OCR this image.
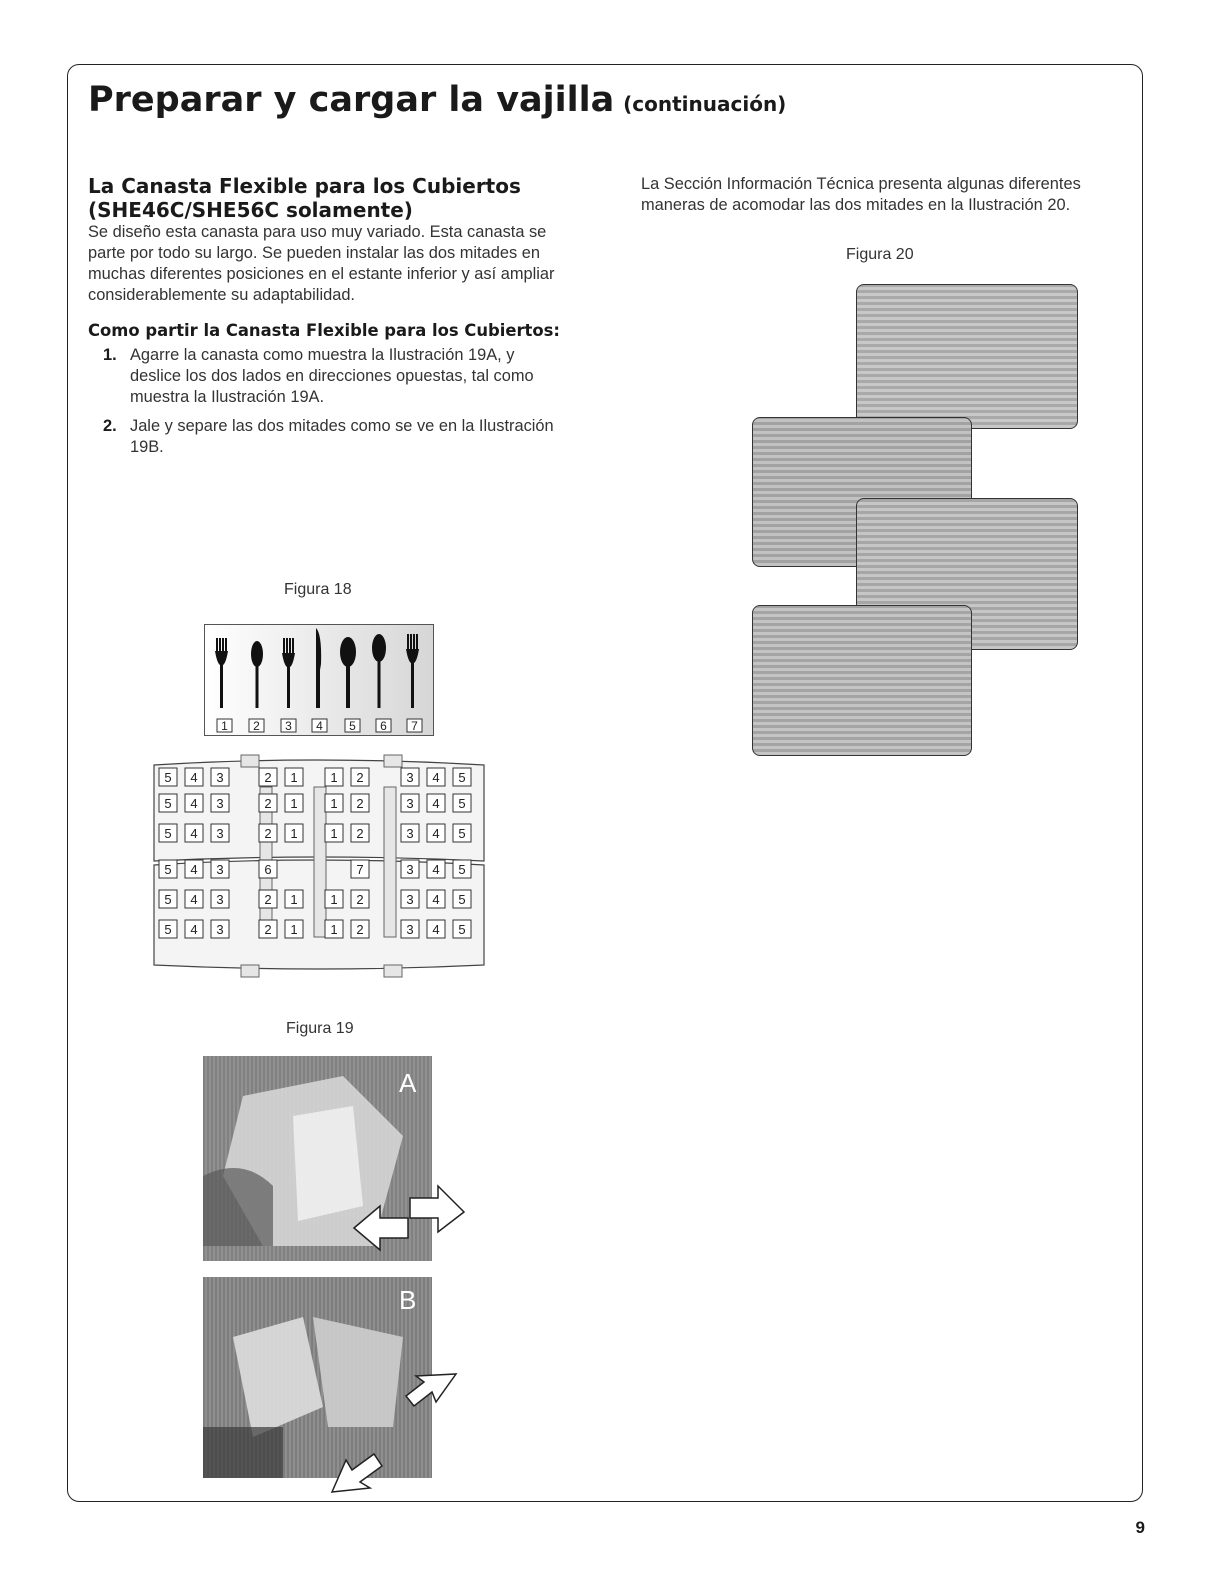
Preparar y cargar la vajilla (continuación)

La Canasta Flexible para los Cubiertos

(SHE46C/SHE56C solamente)

Se diseño esta canasta para uso muy variado. Esta canasta se parte por todo su largo. Se pueden instalar las dos mitades en muchas diferentes posiciones en el estante inferior y así ampliar considerablemente su adaptabilidad.

Como partir la Canasta Flexible para los Cubiertos:

1. Agarre la canasta como muestra la Ilustración 19A, y deslice los dos lados en direcciones opuestas, tal como muestra la Ilustración 19A.
2. Jale y separe las dos mitades como se ve en la Ilustración 19B.

La Sección Información Técnica presenta algunas diferentes maneras de acomodar las dos mitades en la Ilustración 20.

Figura 18
1 2 3 4 5 6 7
5 4 3	2 1	1 2	3 4 5
5 4 3	2 1	1 2	3 4 5
5 4 3	2 1	1 2	3 4 5
5 4 3	6	7	3 4 5
5 4 3	2 1	1 2	3 4 5
5 4 3	2 1	1 2	3 4 5
Figura 19
A
B
Figura 20
9
